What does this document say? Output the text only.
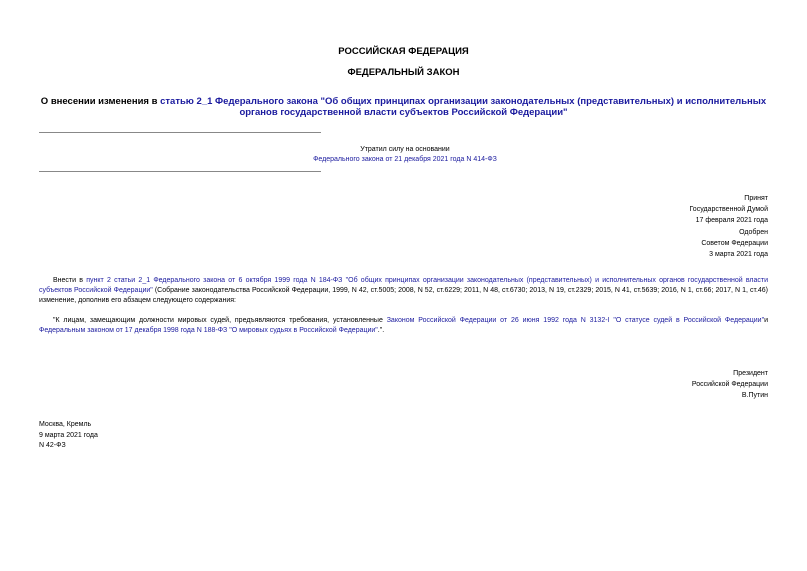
РОССИЙСКАЯ ФЕДЕРАЦИЯ
ФЕДЕРАЛЬНЫЙ ЗАКОН
О внесении изменения в статью 2_1 Федерального закона "Об общих принципах организации законодательных (представительных) и исполнительных органов государственной власти субъектов Российской Федерации"
Утратил силу на основании
Федерального закона от 21 декабря 2021 года N 414-ФЗ
Принят
Государственной Думой
17 февраля 2021 года
Одобрен
Советом Федерации
3 марта 2021 года
Внести в пункт 2 статьи 2_1 Федерального закона от 6 октября 1999 года N 184-ФЗ "Об общих принципах организации законодательных (представительных) и исполнительных органов государственной власти субъектов Российской Федерации" (Собрание законодательства Российской Федерации, 1999, N 42, ст.5005; 2008, N 52, ст.6229; 2011, N 48, ст.6730; 2013, N 19, ст.2329; 2015, N 41, ст.5639; 2016, N 1, ст.66; 2017, N 1, ст.46) изменение, дополнив его абзацем следующего содержания:
"К лицам, замещающим должности мировых судей, предъявляются требования, установленные Законом Российской Федерации от 26 июня 1992 года N 3132-I "О статусе судей в Российской Федерации"и Федеральным законом от 17 декабря 1998 года N 188-ФЗ "О мировых судьях в Российской Федерации".".
Президент
Российской Федерации
В.Путин
Москва, Кремль
9 марта 2021 года
N 42-ФЗ
